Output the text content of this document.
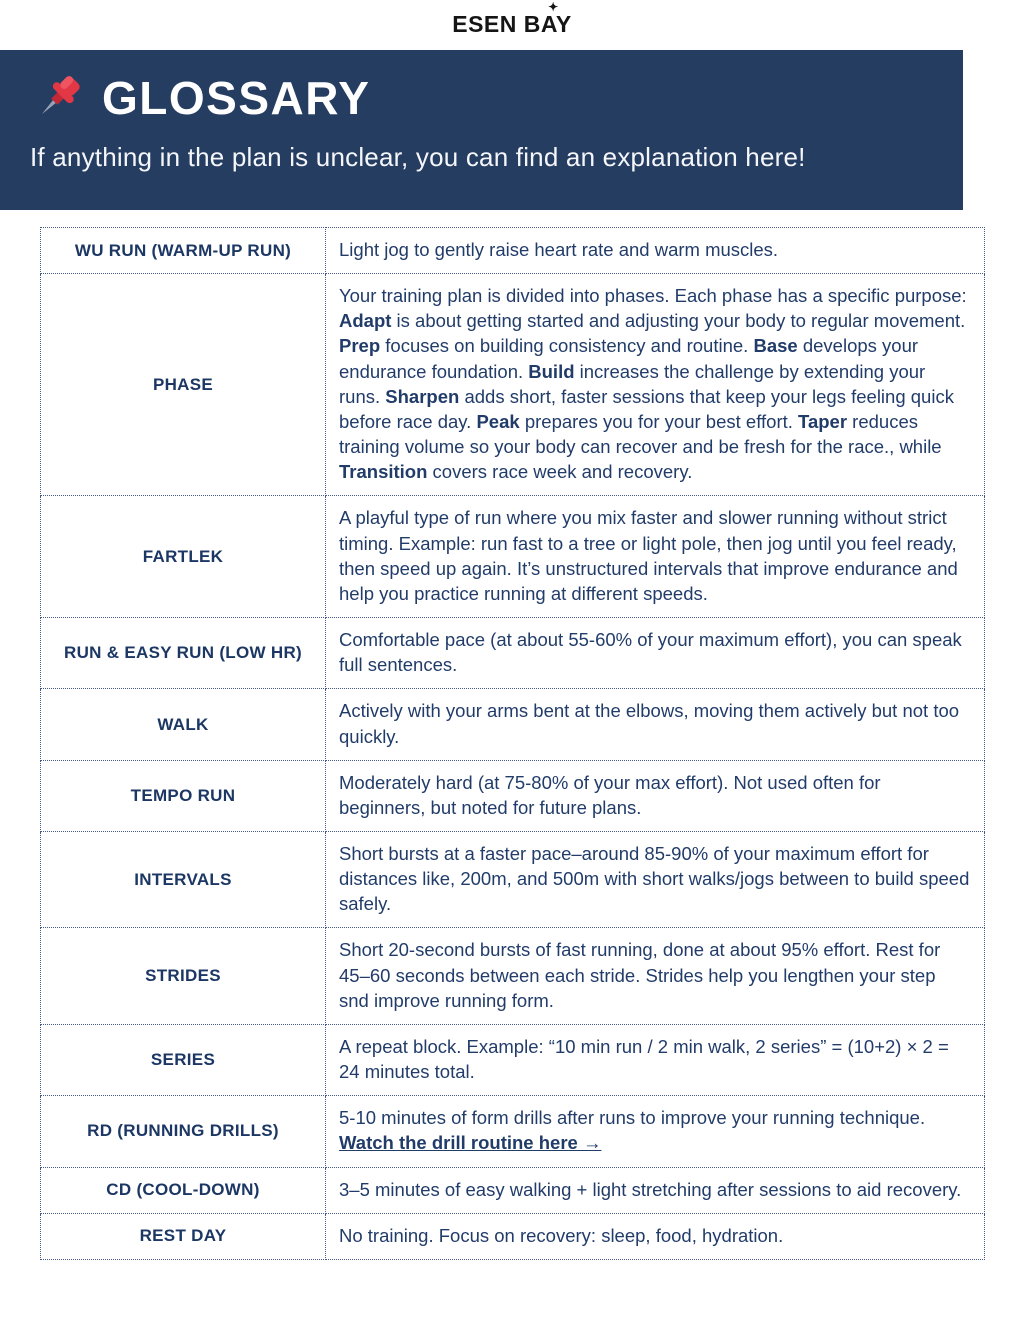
ESEN BAY
✦
GLOSSARY
If anything in the plan is unclear, you can find an explanation here!
WU RUN (WARM-UP RUN)	Light jog to gently raise heart rate and warm muscles.
PHASE	Your training plan is divided into phases. Each phase has a specific purpose: Adapt is about getting started and adjusting your body to regular movement. Prep focuses on building consistency and routine. Base develops your endurance foundation. Build increases the challenge by extending your runs. Sharpen adds short, faster sessions that keep your legs feeling quick before race day. Peak prepares you for your best effort. Taper reduces training volume so your body can recover and be fresh for the race., while Transition covers race week and recovery.
FARTLEK	A playful type of run where you mix faster and slower running without strict timing. Example: run fast to a tree or light pole, then jog until you feel ready, then speed up again. It’s unstructured intervals that improve endurance and help you practice running at different speeds.
RUN & EASY RUN (LOW HR)	Comfortable pace (at about 55-60% of your maximum effort), you can speak full sentences.
WALK	Actively with your arms bent at the elbows, moving them actively but not too quickly.
TEMPO RUN	Moderately hard (at 75-80% of your max effort). Not used often for beginners, but noted for future plans.
INTERVALS	Short bursts at a faster pace–around 85-90% of your maximum effort for distances like, 200m, and 500m with short walks/jogs between to build speed safely.
STRIDES	Short 20-second bursts of fast running, done at about 95% effort. Rest for 45–60 seconds between each stride. Strides help you lengthen your step snd improve running form.
SERIES	A repeat block. Example: “10 min run / 2 min walk, 2 series” = (10+2) × 2 = 24 minutes total.
RD (RUNNING DRILLS)	5-10 minutes of form drills after runs to improve your running technique. Watch the drill routine here →
CD (COOL-DOWN)	3–5 minutes of easy walking + light stretching after sessions to aid recovery.
REST DAY	No training. Focus on recovery: sleep, food, hydration.
